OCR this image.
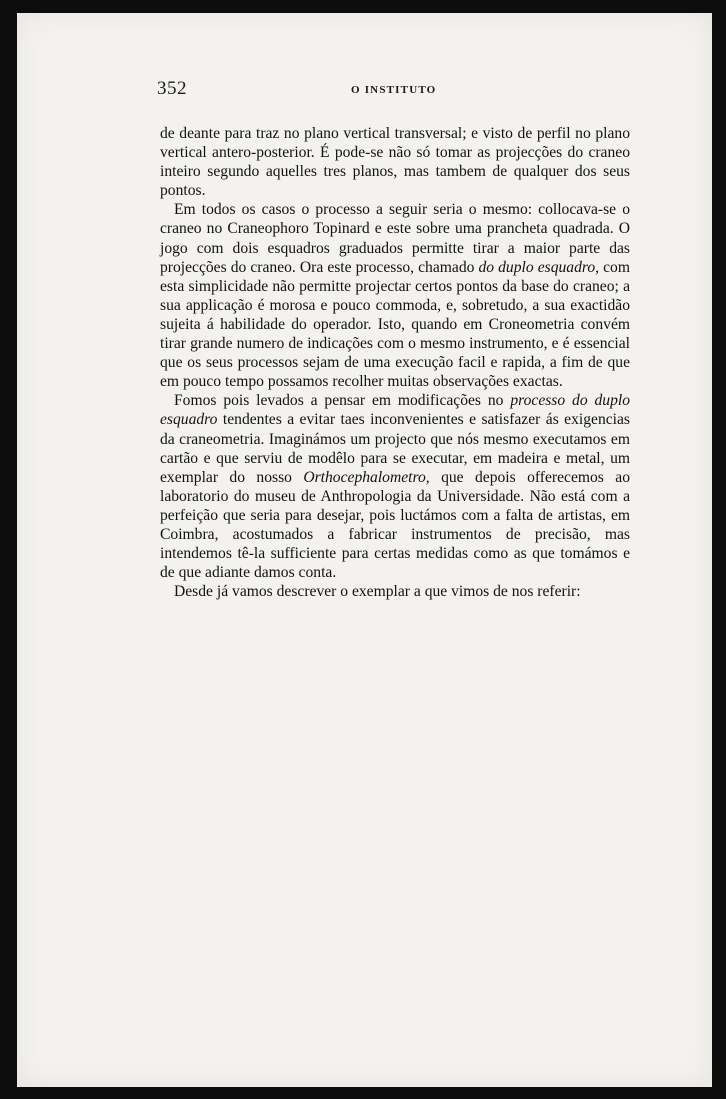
352	O INSTITUTO

de deante para traz no plano vertical transversal; e visto de perfil no plano vertical antero-posterior. É pode-se não só tomar as projecções do craneo inteiro segundo aquelles tres planos, mas tambem de qualquer dos seus pontos.

Em todos os casos o processo a seguir seria o mesmo: collocava-se o craneo no Craneophoro Topinard e este sobre uma prancheta quadrada. O jogo com dois esquadros graduados permitte tirar a maior parte das projecções do craneo. Ora este processo, chamado do duplo esquadro, com esta simplicidade não permitte projectar certos pontos da base do craneo; a sua applicação é morosa e pouco commoda, e, sobretudo, a sua exactidão sujeita á habilidade do operador. Isto, quando em Croneometria convém tirar grande numero de indicações com o mesmo instrumento, e é essencial que os seus processos sejam de uma execução facil e rapida, a fim de que em pouco tempo possamos recolher muitas observações exactas.

Fomos pois levados a pensar em modificações no processo do duplo esquadro tendentes a evitar taes inconvenientes e satisfazer ás exigencias da craneometria. Imaginámos um projecto que nós mesmo executamos em cartão e que serviu de modêlo para se executar, em madeira e metal, um exemplar do nosso Orthocephalometro, que depois offerecemos ao laboratorio do museu de Anthropologia da Universidade. Não está com a perfeição que seria para desejar, pois luctámos com a falta de artistas, em Coimbra, acostumados a fabricar instrumentos de precisão, mas intendemos tê-la sufficiente para certas medidas como as que tomámos e de que adiante damos conta.

Desde já vamos descrever o exemplar a que vimos de nos referir:
